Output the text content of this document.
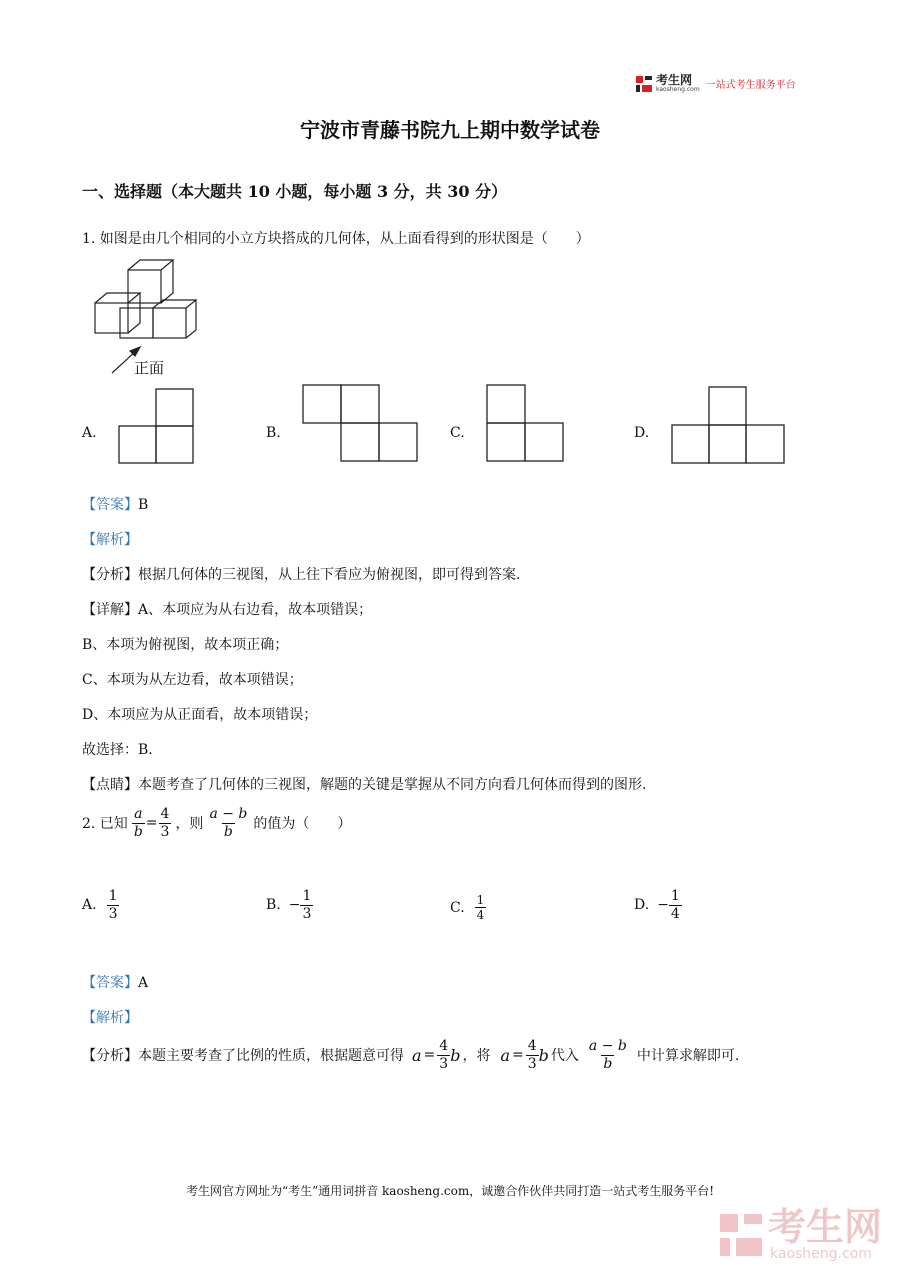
考生网
kaosheng.com 一站式考生服务平台
宁波市青藤书院九上期中数学试卷
一、选择题（本大题共 10 小题，每小题 3 分，共 30 分）
1. 如图是由几个相同的小立方块搭成的几何体，从上面看得到的形状图是（　　）
正面
A.	B.	C.	D.
【答案】B
【解析】
【分析】根据几何体的三视图，从上往下看应为俯视图，即可得到答案.
【详解】A、本项应为从右边看，故本项错误；
B、本项为俯视图，故本项正确；
C、本项为从左边看，故本项错误；
D、本项应为从正面看，故本项错误；
故选择：B.
【点睛】本题考查了几何体的三视图，解题的关键是掌握从不同方向看几何体而得到的图形.
2. 已知 $\frac{a}{b} = \frac{4}{3}$ ，则 $\frac{a - b}{b}$ 的值为（　　）
A. $\frac{1}{3}$	B. − $\frac{1}{3}$	C. $\frac{1}{4}$	D. − $\frac{1}{4}$
【答案】A
【解析】
【分析】 本题主要考查了比例的性质，根据题意可得 $a = \frac{4}{3}$ b ，将 $a = \frac{4}{3}$ b 代入 $\frac{a - b}{b}$ 中计算求解即可.
考生网官方网址为“考生”通用词拼音 kaosheng.com，诚邀合作伙伴共同打造一站式考生服务平台!
考生网
kaosheng.com
